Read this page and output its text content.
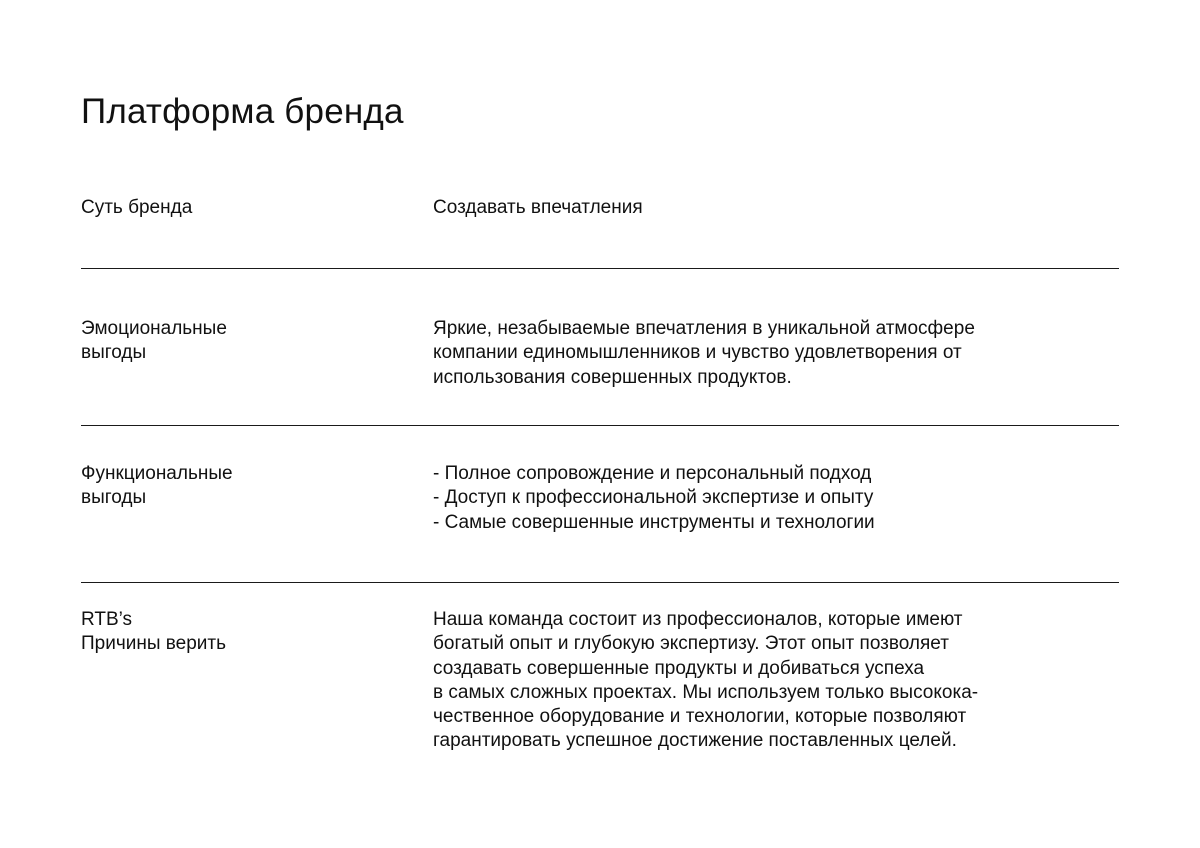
Платформа бренда
Суть бренда	Создавать впечатления
Эмоциональные
выгоды
Яркие, незабываемые впечатления в уникальной атмосфере
компании единомышленников и чувство удовлетворения от
использования совершенных продуктов.
Функциональные
выгоды
- Полное сопровождение и персональный подход
- Доступ к профессиональной экспертизе и опыту
- Самые совершенные инструменты и технологии
RTB’s
Причины верить
Наша команда состоит из профессионалов, которые имеют
богатый опыт и глубокую экспертизу. Этот опыт позволяет
создавать совершенные продукты и добиваться успеха
в самых сложных проектах. Мы используем только высокока-
чественное оборудование и технологии, которые позволяют
гарантировать успешное достижение поставленных целей.
